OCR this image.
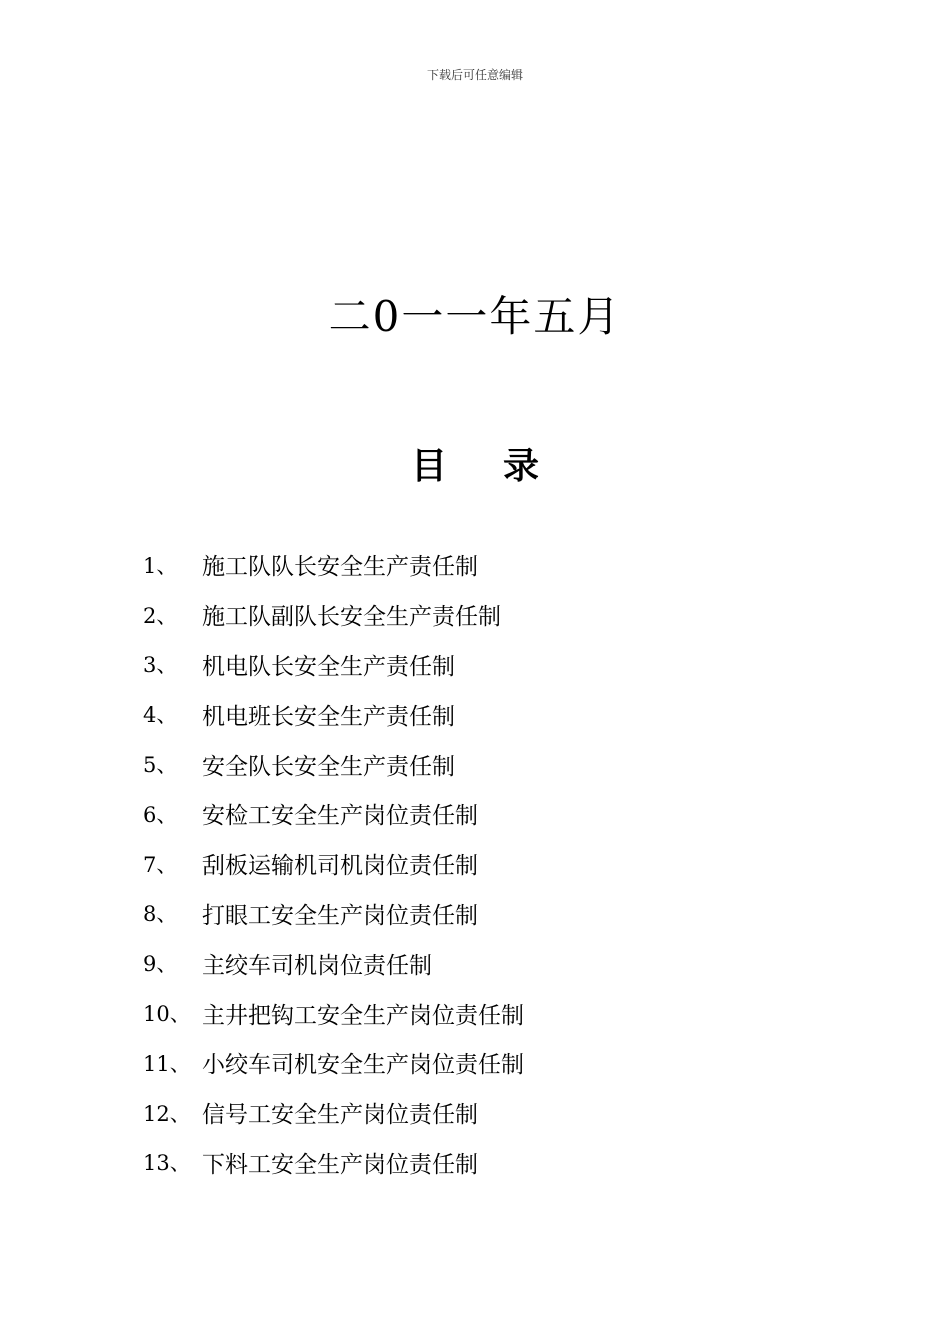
下载后可任意编辑
二0一一年五月
目 录
1、	施工队队长安全生产责任制
2、	施工队副队长安全生产责任制
3、	机电队长安全生产责任制
4、	机电班长安全生产责任制
5、	安全队长安全生产责任制
6、	安检工安全生产岗位责任制
7、	刮板运输机司机岗位责任制
8、	打眼工安全生产岗位责任制
9、	主绞车司机岗位责任制
10、 主井把钩工安全生产岗位责任制
11、 小绞车司机安全生产岗位责任制
12、 信号工安全生产岗位责任制
13、 下料工安全生产岗位责任制
